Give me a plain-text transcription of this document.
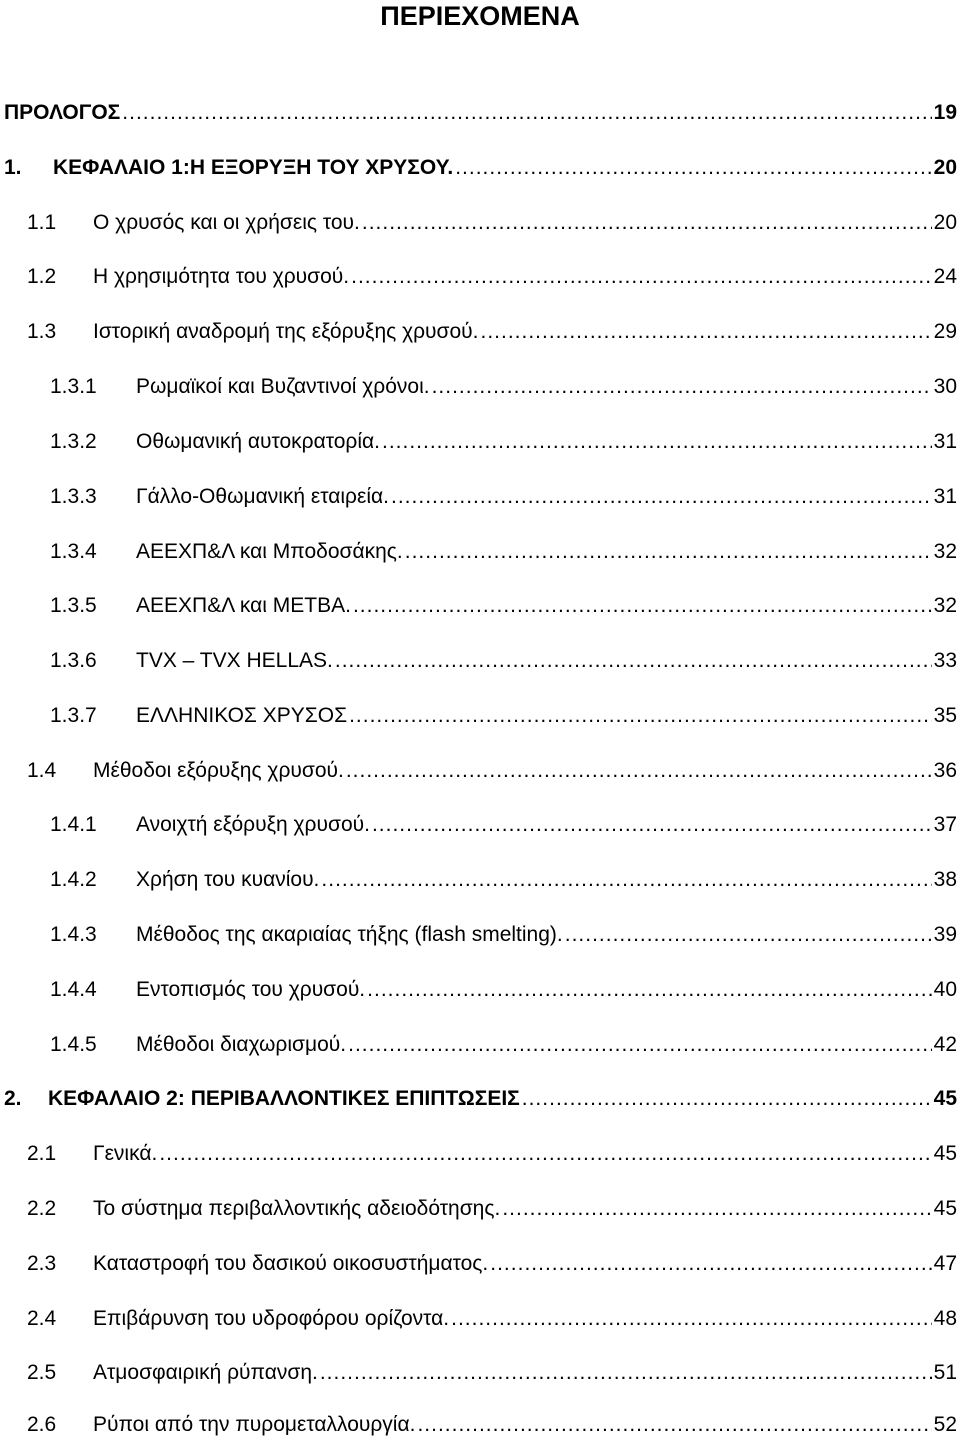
ΠΕΡΙΕΧΟΜΕΝΑ
ΠΡΟΛΟΓΟΣ .....	19
1.	ΚΕΦΑΛΑΙΟ 1:Η ΕΞΟΡΥΞΗ ΤΟΥ ΧΡΥΣΟΥ. .....	20
1.1	Ο χρυσός και οι χρήσεις του. .....	20
1.2	Η χρησιμότητα του χρυσού. .....	24
1.3	Ιστορική αναδρομή της εξόρυξης χρυσού. .....	29
1.3.1	Ρωμαϊκοί και Βυζαντινοί χρόνοι. .....	30
1.3.2	Οθωμανική αυτοκρατορία. .....	31
1.3.3	Γάλλο-Οθωμανική εταιρεία. .....	31
1.3.4	ΑΕΕΧΠ&Λ και Μποδοσάκης. .....	32
1.3.5	ΑΕΕΧΠ&Λ και ΜΕΤΒΑ. .....	32
1.3.6	TVX – TVX HELLAS. .....	33
1.3.7	ΕΛΛΗΝΙΚΟΣ ΧΡΥΣΟΣ .....	35
1.4	Μέθοδοι εξόρυξης χρυσού. .....	36
1.4.1	Ανοιχτή εξόρυξη χρυσού. .....	37
1.4.2	Χρήση του κυανίου. .....	38
1.4.3	Μέθοδος της ακαριαίας τήξης (flash smelting). .....	39
1.4.4	Εντοπισμός του χρυσού. .....	40
1.4.5	Μέθοδοι διαχωρισμού. .....	42
2.	ΚΕΦΑΛΑΙΟ 2: ΠΕΡΙΒΑΛΛΟΝΤΙΚΕΣ ΕΠΙΠΤΩΣΕΙΣ .....	45
2.1	Γενικά. .....	45
2.2	Το σύστημα περιβαλλοντικής αδειοδότησης. .....	45
2.3	Καταστροφή του δασικού οικοσυστήματος. .....	47
2.4	Επιβάρυνση του υδροφόρου ορίζοντα. .....	48
2.5	Ατμοσφαιρική ρύπανση. .....	51
2.6	Ρύποι από την πυρομεταλλουργία. .....	52
